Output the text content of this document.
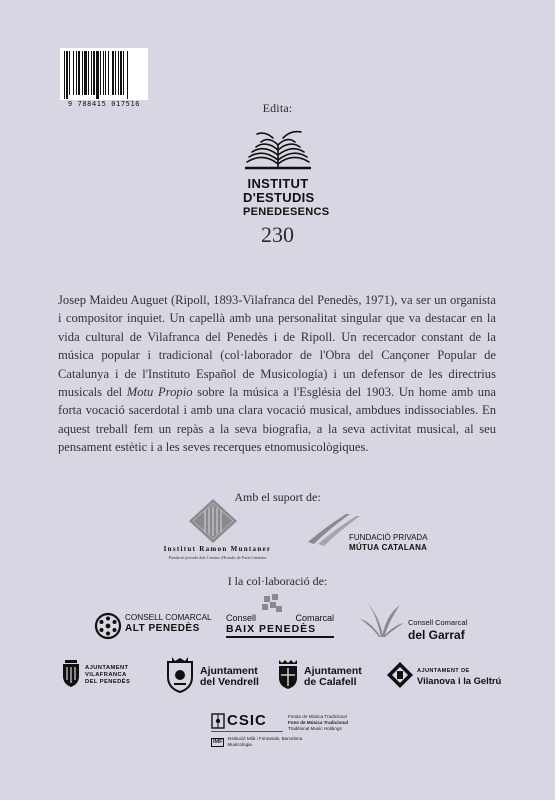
9 788415 017516	Edita:
INSTITUT
D'ESTUDIS
PENEDESENCS
230
Josep Maideu Auguet (Ripoll, 1893-Vilafranca del Penedès, 1971), va ser un organista i compositor inquiet. Un capellà amb una personalitat singular que va destacar en la vida cultural de Vilafranca del Penedès i de Ripoll. Un recercador constant de la música popular i tradicional (col·laborador de l'Obra del Cançoner Popular de Catalunya i de l'Instituto Español de Musicología) i un defensor de les directrius musicals del Motu Propio sobre la música a l'Església del 1903. Un home amb una forta vocació sacerdotal i amb una clara vocació musical, ambdues indissociables. En aquest treball fem un repàs a la seva biografia, a la seva activitat musical, al seu pensament estètic i a les seves recerques etnomusicològiques.
Amb el suport de:
Institut Ramon Muntaner
Fundació privada dels Centres d'Estudis de Parla Catalana
FUNDACIÓ PRIVADA
MÚTUA CATALANA
I la col·laboració de:
CONSELL COMARCAL
ALT PENEDÈS
Consell	Comarcal
BAIX PENEDÈS
Consell Comarcal
del Garraf
AJUNTAMENT
VILAFRANCA
DEL PENEDÈS
Ajuntament
del Vendrell
Ajuntament
de Calafell
AJUNTAMENT DE
Vilanova i la Geltrú
CSIC	Fondo de Música Tradicional
Fons de Música Tradicional
Traditional Music Holdings
IMF	Institució Milà i Fontanals, Barcelona
Musicologia
